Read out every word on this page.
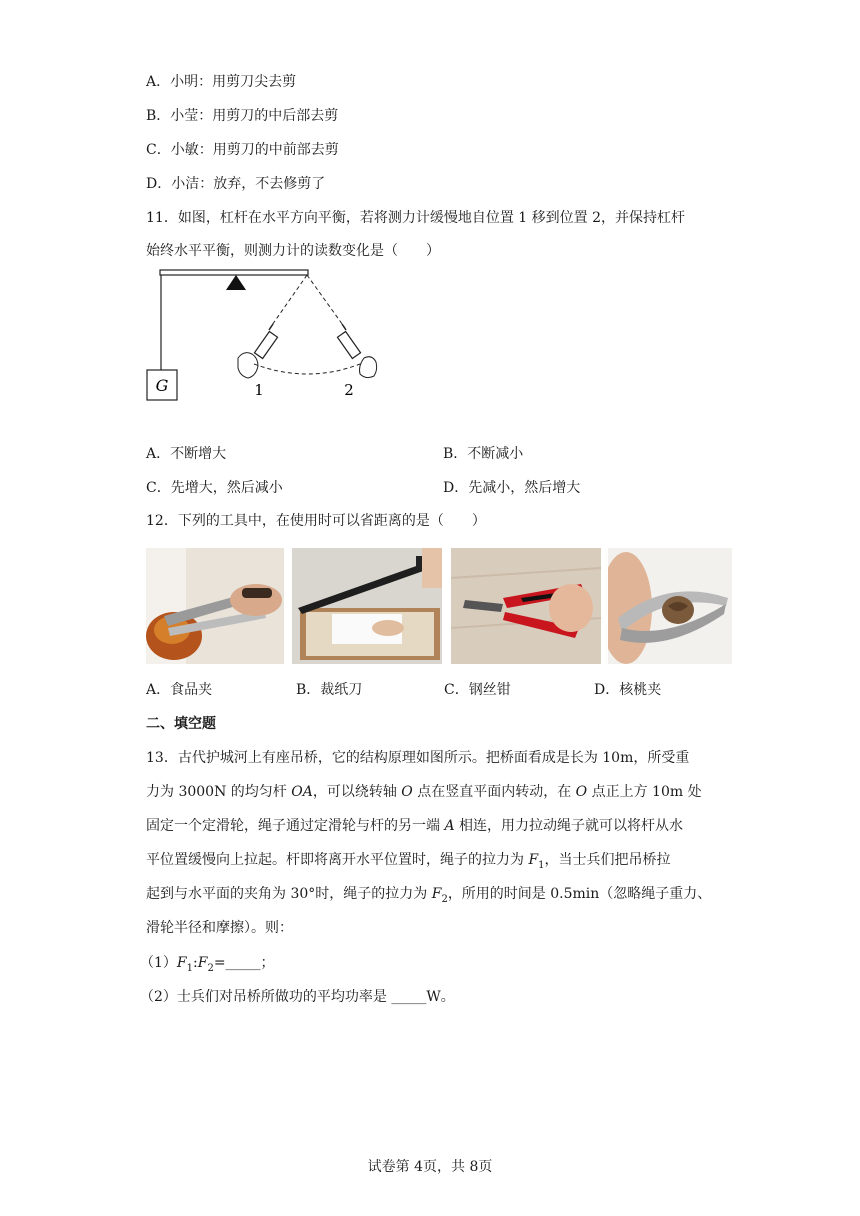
A．小明：用剪刀尖去剪
B．小莹：用剪刀的中后部去剪
C．小敏：用剪刀的中前部去剪
D．小洁：放弃，不去修剪了
11．如图，杠杆在水平方向平衡，若将测力计缓慢地自位置 1 移到位置 2，并保持杠杆
始终水平平衡，则测力计的读数变化是（　　）
G	1	2
A．不断增大	B．不断减小
C．先增大，然后减小	D．先减小，然后增大
12．下列的工具中，在使用时可以省距离的是（　　）
A．食品夹	B．裁纸刀	C．钢丝钳	D．核桃夹
二、填空题
13．古代护城河上有座吊桥，它的结构原理如图所示。把桥面看成是长为 10m，所受重
力为 3000N 的均匀杆 OA，可以绕转轴 O 点在竖直平面内转动，在 O 点正上方 10m 处
固定一个定滑轮，绳子通过定滑轮与杆的另一端 A 相连，用力拉动绳子就可以将杆从水
平位置缓慢向上拉起。杆即将离开水平位置时，绳子的拉力为 $F_1$，当士兵们把吊桥拉
起到与水平面的夹角为 30°时，绳子的拉力为 $F_2$，所用的时间是 0.5min（忽略绳子重力、
滑轮半径和摩擦）。则：
$(1)F_1:F_2=\_\_\_\_\_$；
（2）士兵们对吊桥所做功的平均功率是 _____W。
试卷第 4页，共 8页
